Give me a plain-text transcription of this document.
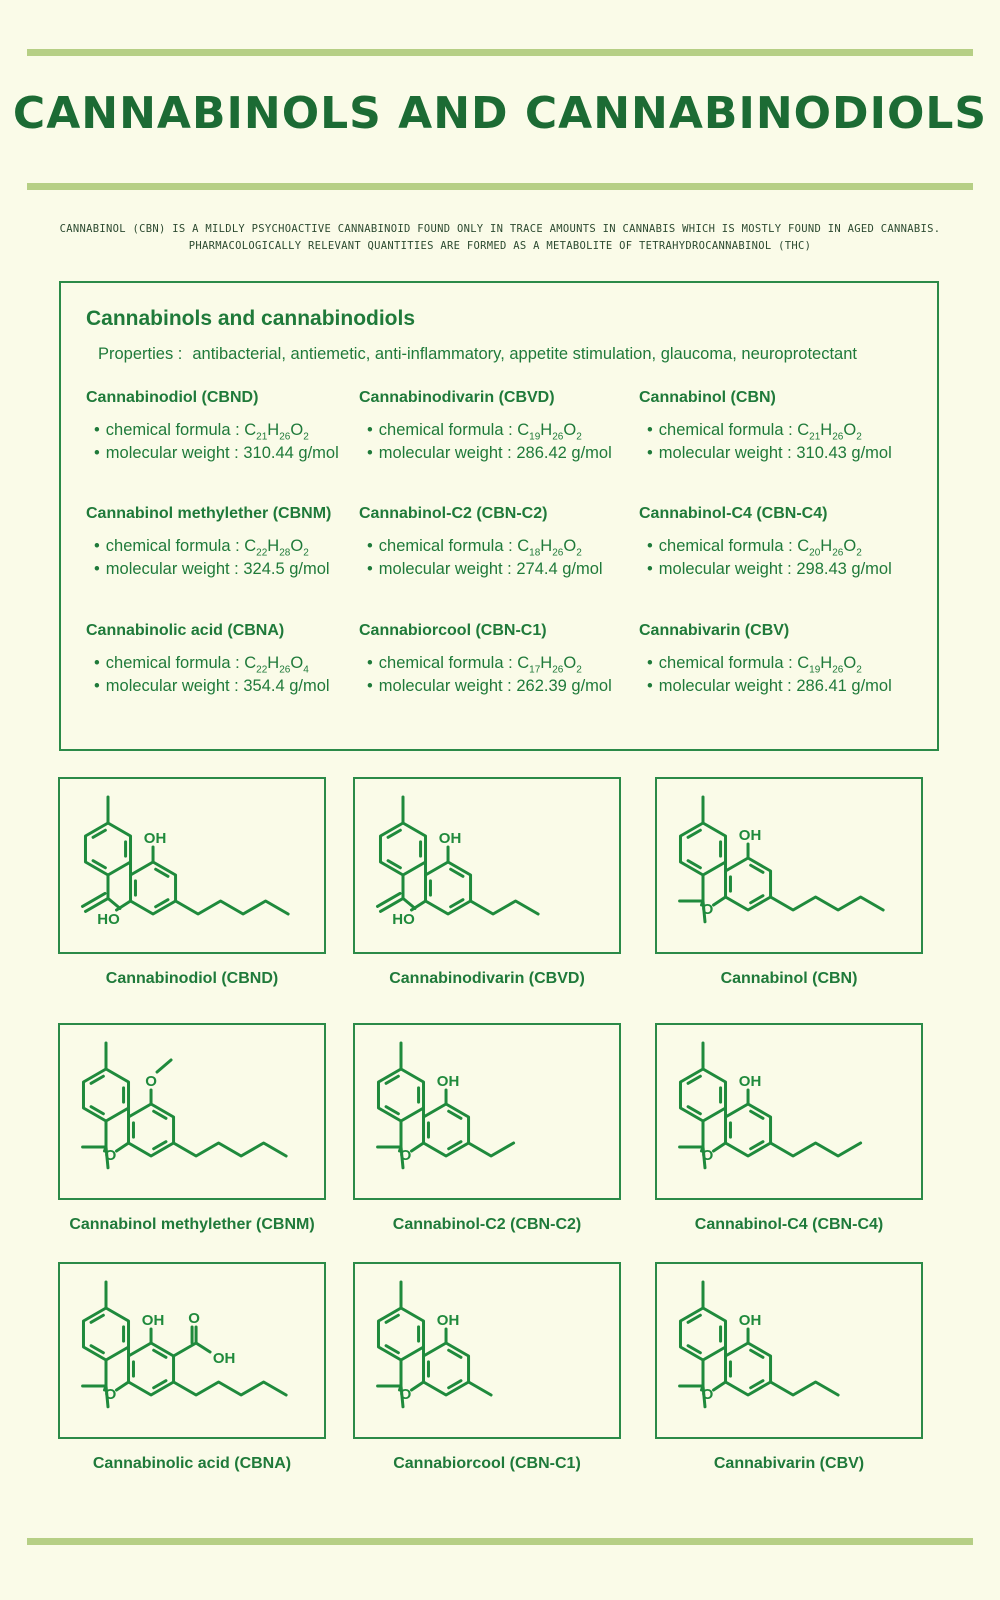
CANNABINOLS AND CANNABINODIOLS
CANNABINOL (CBN) IS A MILDLY PSYCHOACTIVE CANNABINOID FOUND ONLY IN TRACE AMOUNTS IN CANNABIS WHICH IS MOSTLY FOUND IN AGED CANNABIS.
PHARMACOLOGICALLY RELEVANT QUANTITIES ARE FORMED AS A METABOLITE OF TETRAHYDROCANNABINOL (THC)
Cannabinols and cannabinodiols
Properties : antibacterial, antiemetic, anti-inflammatory, appetite stimulation, glaucoma, neuroprotectant
Cannabinodiol (CBND)
• chemical formula : $C_{21}H_{26}O_2$
• molecular weight : 310.44 g/mol
Cannabinodivarin (CBVD)
• chemical formula : $C_{19}H_{26}O_2$
• molecular weight : 286.42 g/mol
Cannabinol (CBN)
• chemical formula : $C_{21}H_{26}O_2$
• molecular weight : 310.43 g/mol
Cannabinol methylether (CBNM)
• chemical formula : $C_{22}H_{28}O_2$
• molecular weight : 324.5 g/mol
Cannabinol-C2 (CBN-C2)
• chemical formula : $C_{18}H_{26}O_2$
• molecular weight : 274.4 g/mol
Cannabinol-C4 (CBN-C4)
• chemical formula : $C_{20}H_{26}O_2$
• molecular weight : 298.43 g/mol
Cannabinolic acid (CBNA)
• chemical formula : $C_{22}H_{26}O_4$
• molecular weight : 354.4 g/mol
Cannabiorcool (CBN-C1)
• chemical formula : $C_{17}H_{26}O_2$
• molecular weight : 262.39 g/mol
Cannabivarin (CBV)
• chemical formula : $C_{19}H_{26}O_2$
• molecular weight : 286.41 g/mol
OH
HO
Cannabinodiol (CBND)
OH
HO
Cannabinodivarin (CBVD)
O
OH
Cannabinol (CBN)
O
O
Cannabinol methylether (CBNM)
O
OH
Cannabinol-C2 (CBN-C2)
O
OH
Cannabinol-C4 (CBN-C4)
O
OH O
OH
Cannabinolic acid (CBNA)
O
OH
Cannabiorcool (CBN-C1)
O
OH
Cannabivarin (CBV)
